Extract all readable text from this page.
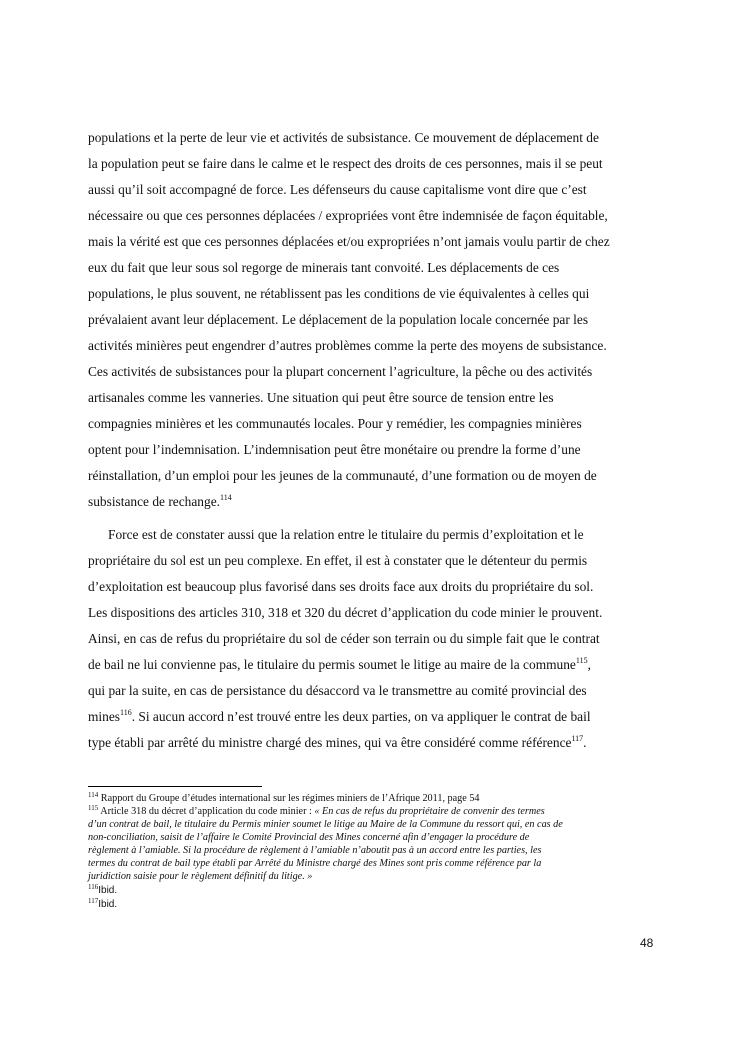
populations et la perte de leur vie et activités de subsistance. Ce mouvement de déplacement de

la population peut se faire dans le calme et le respect des droits de ces personnes, mais il se peut

aussi qu’il soit accompagné de force. Les défenseurs du cause capitalisme vont dire que c’est

nécessaire ou que ces personnes déplacées / expropriées vont être indemnisée de façon équitable,

mais la vérité est que ces personnes déplacées et/ou expropriées n’ont jamais voulu partir de chez

eux du fait que leur sous sol regorge de minerais tant convoité. Les déplacements de ces

populations, le plus souvent, ne rétablissent pas les conditions de vie équivalentes à celles qui

prévalaient avant leur déplacement. Le déplacement de la population locale concernée par les

activités minières peut engendrer d’autres problèmes comme la perte des moyens de subsistance.

Ces activités de subsistances pour la plupart concernent l’agriculture, la pêche ou des activités

artisanales comme les vanneries. Une situation qui peut être source de tension entre les

compagnies minières et les communautés locales. Pour y remédier, les compagnies minières

optent pour l’indemnisation. L’indemnisation peut être monétaire ou prendre la forme d’une

réinstallation, d’un emploi pour les jeunes de la communauté, d’une formation ou de moyen de

subsistance de rechange.$^{114}$

Force est de constater aussi que la relation entre le titulaire du permis d’exploitation et le

propriétaire du sol est un peu complexe. En effet, il est à constater que le détenteur du permis

d’exploitation est beaucoup plus favorisé dans ses droits face aux droits du propriétaire du sol.

Les dispositions des articles 310, 318 et 320 du décret d’application du code minier le prouvent.

Ainsi, en cas de refus du propriétaire du sol de céder son terrain ou du simple fait que le contrat

de bail ne lui convienne pas, le titulaire du permis soumet le litige au maire de la commune$^{115}$,

qui par la suite, en cas de persistance du désaccord va le transmettre au comité provincial des

mines$^{116}$. Si aucun accord n’est trouvé entre les deux parties, on va appliquer le contrat de bail

type établi par arrêté du ministre chargé des mines, qui va être considéré comme référence$^{117}$.

$^{114}$ Rapport du Groupe d’études international sur les régimes miniers de l’Afrique 2011, page 54

$^{115}$ Article 318 du décret d’application du code minier : « En cas de refus du propriétaire de convenir des termes

d’un contrat de bail, le titulaire du Permis minier soumet le litige au Maire de la Commune du ressort qui, en cas de

non-conciliation, saisit de l’affaire le Comité Provincial des Mines concerné afin d’engager la procédure de

règlement à l’amiable. Si la procédure de règlement à l’amiable n’aboutit pas à un accord entre les parties, les

termes du contrat de bail type établi par Arrêté du Ministre chargé des Mines sont pris comme référence par la

juridiction saisie pour le règlement définitif du litige. »

$^{116}$Ibid.

$^{117}$Ibid.

48
